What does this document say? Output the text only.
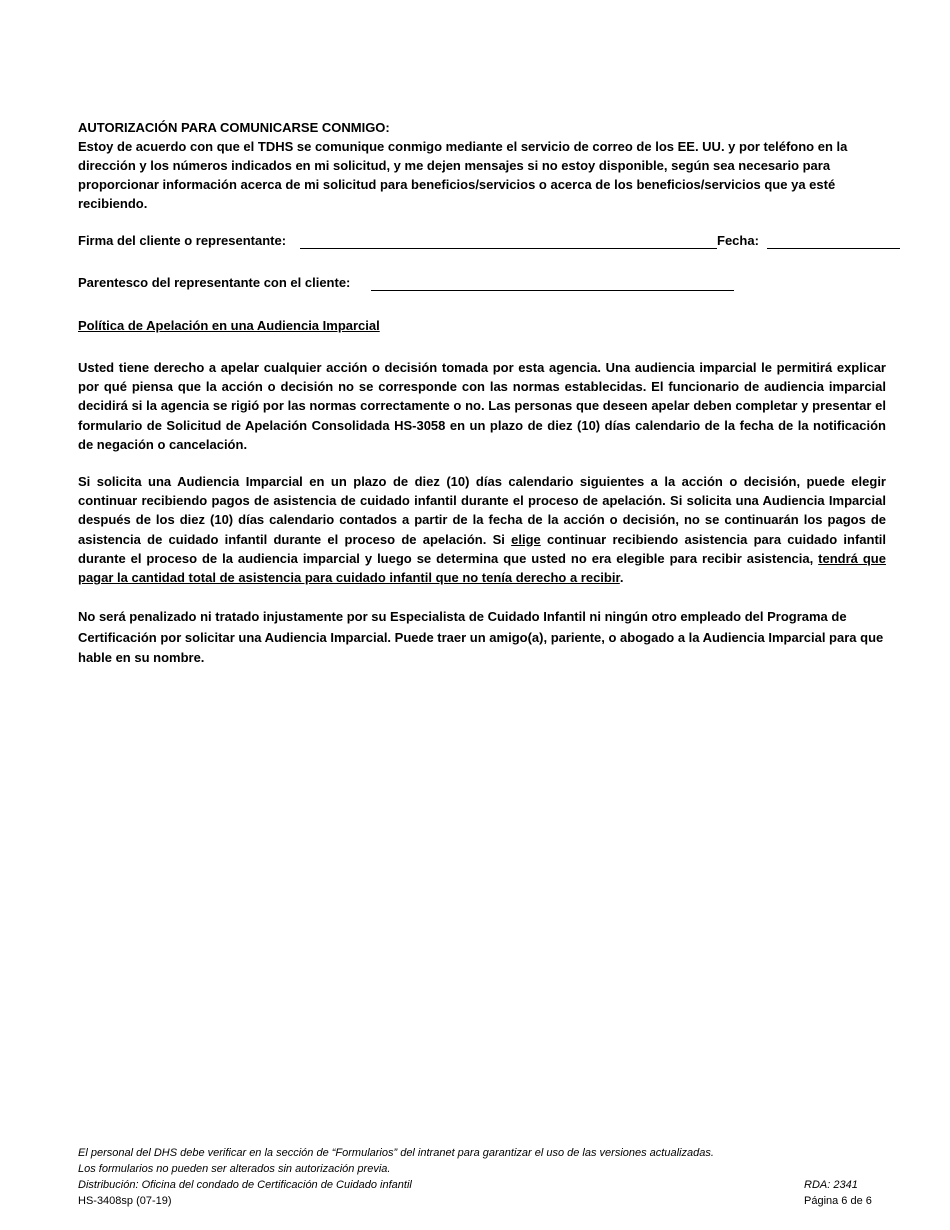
AUTORIZACIÓN PARA COMUNICARSE CONMIGO:

Estoy de acuerdo con que el TDHS se comunique conmigo mediante el servicio de correo de los EE. UU. y por teléfono en la dirección y los números indicados en mi solicitud, y me dejen mensajes si no estoy disponible, según sea necesario para proporcionar información acerca de mi solicitud para beneficios/servicios o acerca de los beneficios/servicios que ya esté recibiendo.

Firma del cliente o representante:	Fecha:
Parentesco del representante con el cliente:
Política de Apelación en una Audiencia Imparcial

Usted tiene derecho a apelar cualquier acción o decisión tomada por esta agencia. Una audiencia imparcial le permitirá explicar por qué piensa que la acción o decisión no se corresponde con las normas establecidas. El funcionario de audiencia imparcial decidirá si la agencia se rigió por las normas correctamente o no. Las personas que deseen apelar deben completar y presentar el formulario de Solicitud de Apelación Consolidada HS-3058 en un plazo de diez (10) días calendario de la fecha de la notificación de negación o cancelación.

Si solicita una Audiencia Imparcial en un plazo de diez (10) días calendario siguientes a la acción o decisión, puede elegir continuar recibiendo pagos de asistencia de cuidado infantil durante el proceso de apelación. Si solicita una Audiencia Imparcial después de los diez (10) días calendario contados a partir de la fecha de la acción o decisión, no se continuarán los pagos de asistencia de cuidado infantil durante el proceso de apelación. Si elige continuar recibiendo asistencia para cuidado infantil durante el proceso de la audiencia imparcial y luego se determina que usted no era elegible para recibir asistencia, tendrá que pagar la cantidad total de asistencia para cuidado infantil que no tenía derecho a recibir.

No será penalizado ni tratado injustamente por su Especialista de Cuidado Infantil ni ningún otro empleado del Programa de Certificación por solicitar una Audiencia Imparcial. Puede traer un amigo(a), pariente, o abogado a la Audiencia Imparcial para que hable en su nombre.

El personal del DHS debe verificar en la sección de “Formularios” del intranet para garantizar el uso de las versiones actualizadas.
Los formularios no pueden ser alterados sin autorización previa.
Distribución: Oficina del condado de Certificación de Cuidado infantil	RDA: 2341
HS-3408sp (07-19)	Página 6 de 6
